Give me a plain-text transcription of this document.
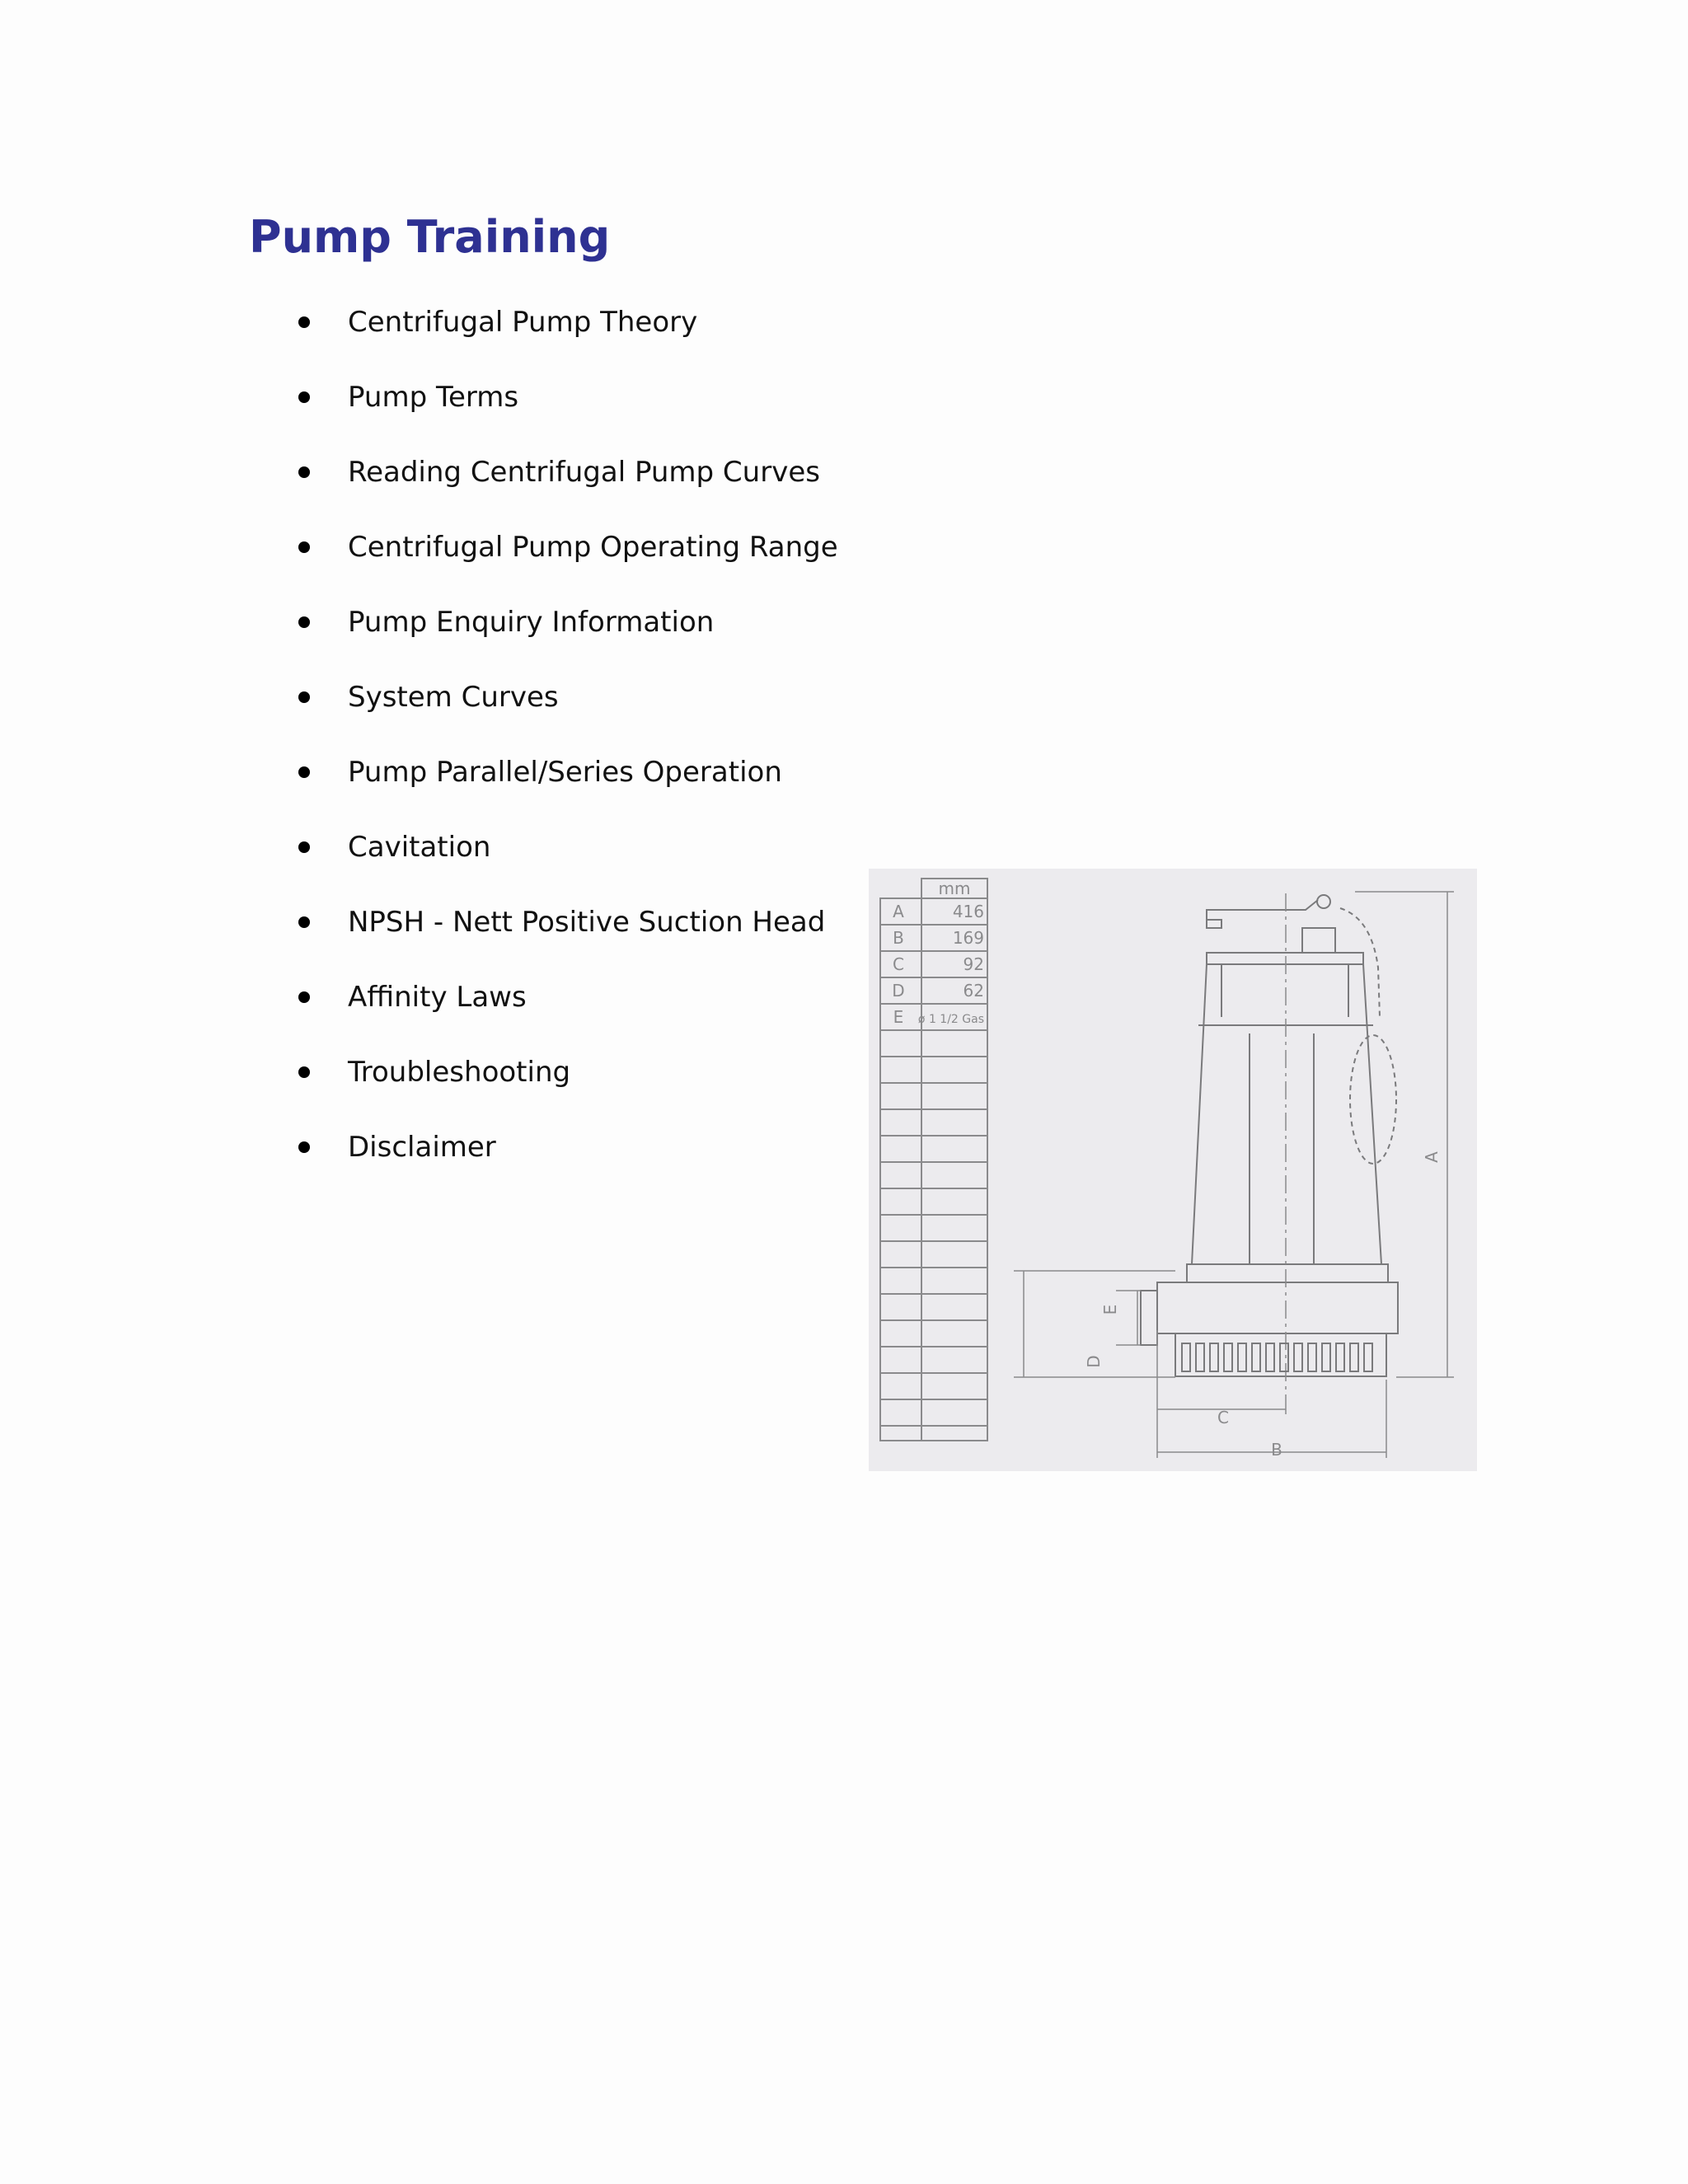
Pump Training
Centrifugal Pump Theory
Pump Terms
Reading Centrifugal Pump Curves
Centrifugal Pump Operating Range
Pump Enquiry Information
System Curves
Pump Parallel/Series Operation
Cavitation
NPSH - Nett Positive Suction Head
Affinity Laws
Troubleshooting
Disclaimer
mm
A	416
B	169
C	92
D	62
E ø 1 1/2 Gas
A
B
C
D
E
